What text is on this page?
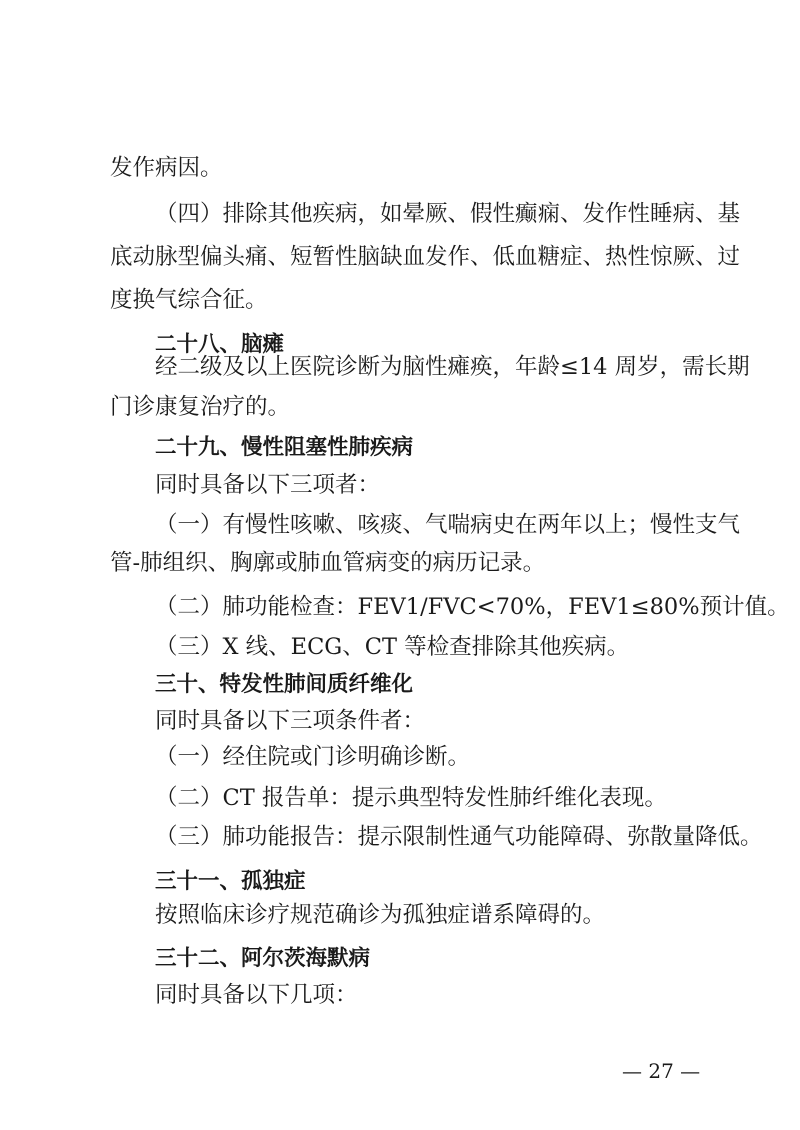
发作病因。
（四）排除其他疾病，如晕厥、假性癫痫、发作性睡病、基
底动脉型偏头痛、短暂性脑缺血发作、低血糖症、热性惊厥、过
度换气综合征。
二十八、脑瘫
经二级及以上医院诊断为脑性瘫痪，年龄≤14 周岁，需长期
门诊康复治疗的。
二十九、慢性阻塞性肺疾病
同时具备以下三项者：
（一）有慢性咳嗽、咳痰、气喘病史在两年以上；慢性支气
管-肺组织、胸廓或肺血管病变的病历记录。
（二）肺功能检查：FEV1/FVC<70%，FEV1≤80%预计值。
（三）X 线、ECG、CT 等检查排除其他疾病。
三十、特发性肺间质纤维化
同时具备以下三项条件者：
（一）经住院或门诊明确诊断。
（二）CT 报告单：提示典型特发性肺纤维化表现。
（三）肺功能报告：提示限制性通气功能障碍、弥散量降低。
三十一、孤独症
按照临床诊疗规范确诊为孤独症谱系障碍的。
三十二、阿尔茨海默病
同时具备以下几项：
— 27 —
